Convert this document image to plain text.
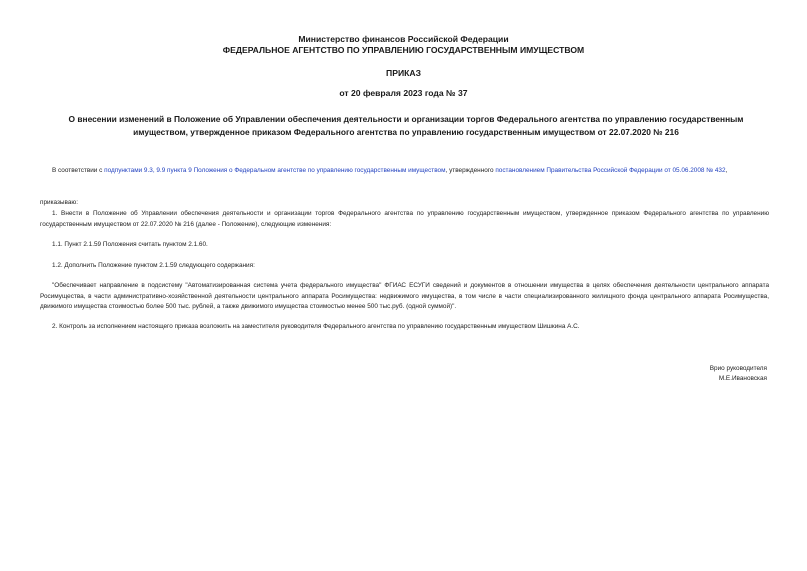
Министерство финансов Российской Федерации
ФЕДЕРАЛЬНОЕ АГЕНТСТВО ПО УПРАВЛЕНИЮ ГОСУДАРСТВЕННЫМ ИМУЩЕСТВОМ
ПРИКАЗ
от 20 февраля 2023 года № 37
О внесении изменений в Положение об Управлении обеспечения деятельности и организации торгов Федерального агентства по управлению государственным имуществом, утвержденное приказом Федерального агентства по управлению государственным имуществом от 22.07.2020 № 216
В соответствии с подпунктами 9.3, 9.9 пункта 9 Положения о Федеральном агентстве по управлению государственным имуществом, утвержденного постановлением Правительства Российской Федерации от 05.06.2008 № 432,
приказываю:
1. Внести в Положение об Управлении обеспечения деятельности и организации торгов Федерального агентства по управлению государственным имуществом, утвержденное приказом Федерального агентства по управлению государственным имуществом от 22.07.2020 № 216 (далее - Положение), следующие изменения:
1.1. Пункт 2.1.59 Положения считать пунктом 2.1.60.
1.2. Дополнить Положение пунктом 2.1.59 следующего содержания:
"Обеспечивает направление в подсистему "Автоматизированная система учета федерального имущества" ФГИАС ЕСУГИ сведений и документов в отношении имущества в целях обеспечения деятельности центрального аппарата Росимущества, в части административно-хозяйственной деятельности центрального аппарата Росимущества: недвижимого имущества, в том числе в части специализированного жилищного фонда центрального аппарата Росимущества, движимого имущества стоимостью более 500 тыс. рублей, а также движимого имущества стоимостью менее 500 тыс.руб. (одной суммой)".
2. Контроль за исполнением настоящего приказа возложить на заместителя руководителя Федерального агентства по управлению государственным имуществом Шишкина А.С.
Врио руководителя
М.Е.Ивановская
